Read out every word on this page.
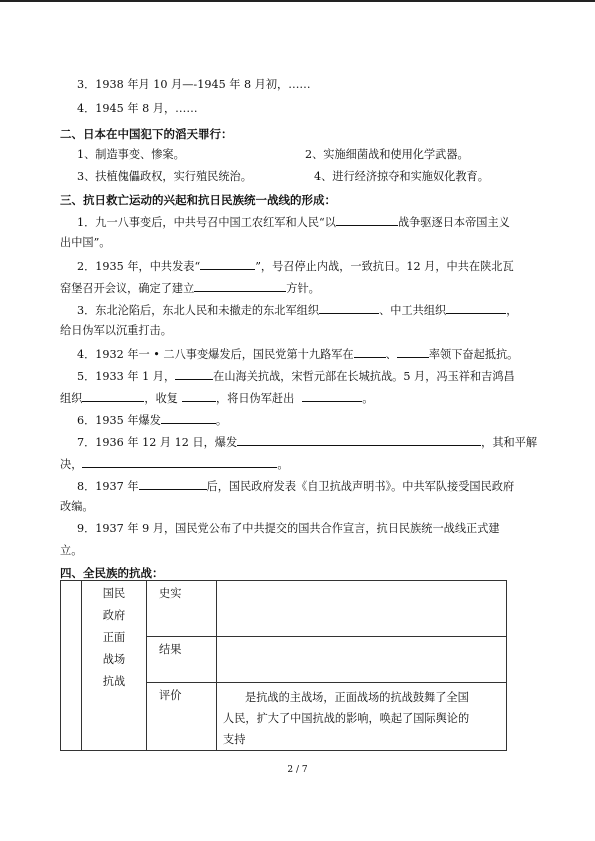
3．1938 年月 10 月—-1945 年 8 月初，……
4．1945 年 8 月，……
二、日本在中国犯下的滔天罪行：
1、制造事变、惨案。	2、实施细菌战和使用化学武器。
3、扶植傀儡政权，实行殖民统治。	4、进行经济掠夺和实施奴化教育。
三、抗日救亡运动的兴起和抗日民族统一战线的形成：
1．九一八事变后，中共号召中国工农红军和人民“以	战争驱逐日本帝国主义
出中国”。
2．1935 年，中共发表“	”，号召停止内战，一致抗日。12 月，中共在陕北瓦
窑堡召开会议，确定了建立	方针。
3．东北沦陷后，东北人民和未撤走的东北军组织	、中工共组织	，
给日伪军以沉重打击。
4．1932 年一 • 二八事变爆发后，国民党第十九路军在	、	率领下奋起抵抗。
5．1933 年 1 月，	在山海关抗战，宋哲元部在长城抗战。5 月，冯玉祥和吉鸿昌
组织	，收复	，将日伪军赶出	。
6．1935 年爆发	。
7．1936 年 12 月 12 日，爆发	，其和平解
决，	。
8．1937 年	后，国民政府发表《自卫抗战声明书》。中共军队接受国民政府
改编。
9．1937 年 9 月，国民党公布了中共提交的国共合作宣言，抗日民族统一战线正式建
立。
四、全民族的抗战：

	国民
政府
正面
战场
抗战	史实	
		结果	
		评价	是抗战的主战场，正面战场的抗战鼓舞了全国
人民，扩大了中国抗战的影响，唤起了国际舆论的
支持
2 / 7
